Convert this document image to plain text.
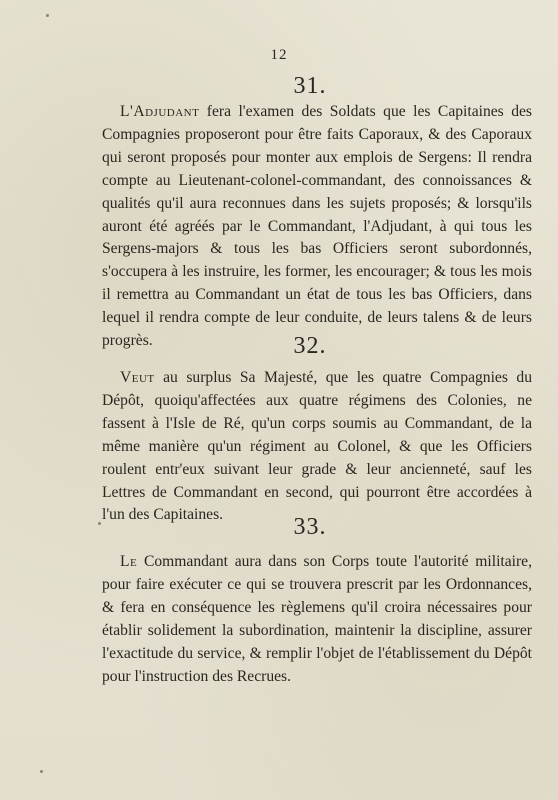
12
31.

L'Adjudant fera l'examen des Soldats que les Capitaines des Compagnies proposeront pour être faits Caporaux, & des Caporaux qui seront proposés pour monter aux emplois de Sergens: Il rendra compte au Lieutenant-colonel-commandant, des connoissances & qualités qu'il aura reconnues dans les sujets proposés; & lorsqu'ils auront été agréés par le Commandant, l'Adjudant, à qui tous les Sergens-majors & tous les bas Officiers seront subordonnés, s'occupera à les instruire, les former, les encourager; & tous les mois il remettra au Commandant un état de tous les bas Officiers, dans lequel il rendra compte de leur conduite, de leurs talens & de leurs progrès.	32.

Veut au surplus Sa Majesté, que les quatre Compagnies du Dépôt, quoiqu'affectées aux quatre régimens des Colonies, ne fassent à l'Isle de Ré, qu'un corps soumis au Commandant, de la même manière qu'un régiment au Colonel, & que les Officiers roulent entr'eux suivant leur grade & leur ancienneté, sauf les Lettres de Commandant en second, qui pourront être accordées à l'un des Capitaines.	33.

Le Commandant aura dans son Corps toute l'autorité militaire, pour faire exécuter ce qui se trouvera prescrit par les Ordonnances, & fera en conséquence les règlemens qu'il croira nécessaires pour établir solidement la subordination, maintenir la discipline, assurer l'exactitude du service, & remplir l'objet de l'établissement du Dépôt pour l'instruction des Recrues.
